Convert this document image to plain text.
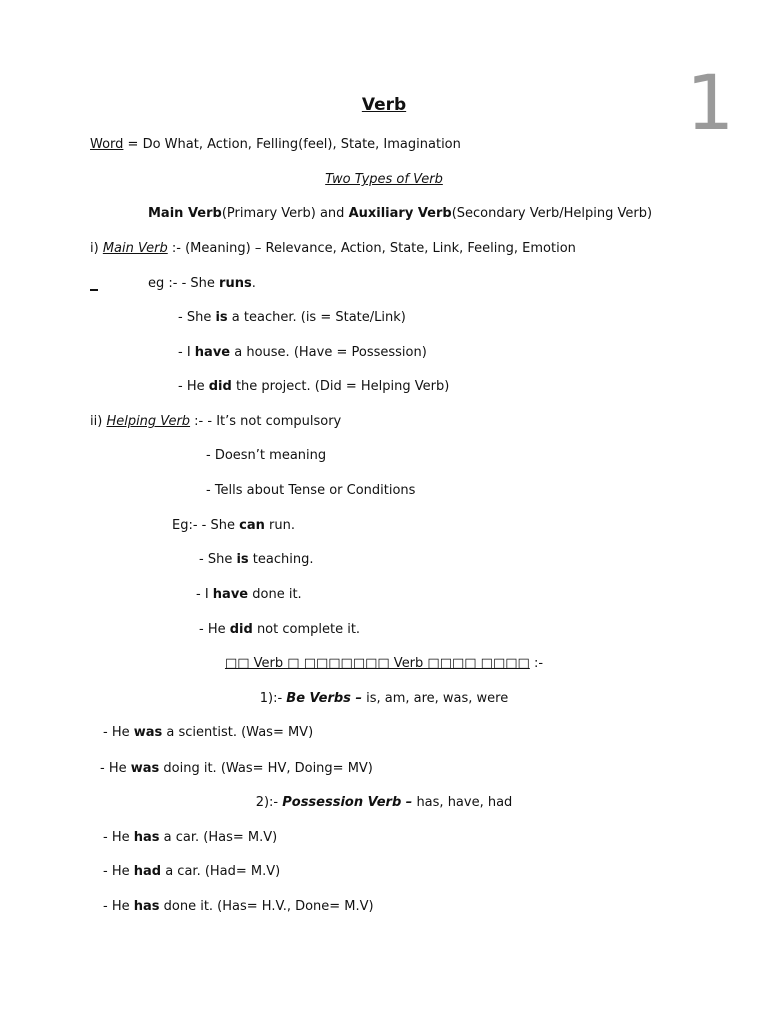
1
Verb
Word = Do What, Action, Felling(feel), State, Imagination
Two Types of Verb
Main Verb(Primary Verb) and Auxiliary Verb(Secondary Verb/Helping Verb)
i) Main Verb :- (Meaning) – Relevance, Action, State, Link, Feeling, Emotion
eg :- - She runs.
- She is a teacher. (is = State/Link)
- I have a house. (Have = Possession)
- He did the project. (Did = Helping Verb)
ii) Helping Verb :- - It’s not compulsory
- Doesn’t meaning
- Tells about Tense or Conditions
Eg:- - She can run.
- She is teaching.
- I have done it.
- He did not complete it.
□□ Verb □ □□□□□□□ Verb □□□□ □□□□ :-
1):- Be Verbs – is, am, are, was, were
- He was a scientist. (Was= MV)
- He was doing it. (Was= HV, Doing= MV)
2):- Possession Verb – has, have, had
- He has a car. (Has= M.V)
- He had a car. (Had= M.V)
- He has done it. (Has= H.V., Done= M.V)
